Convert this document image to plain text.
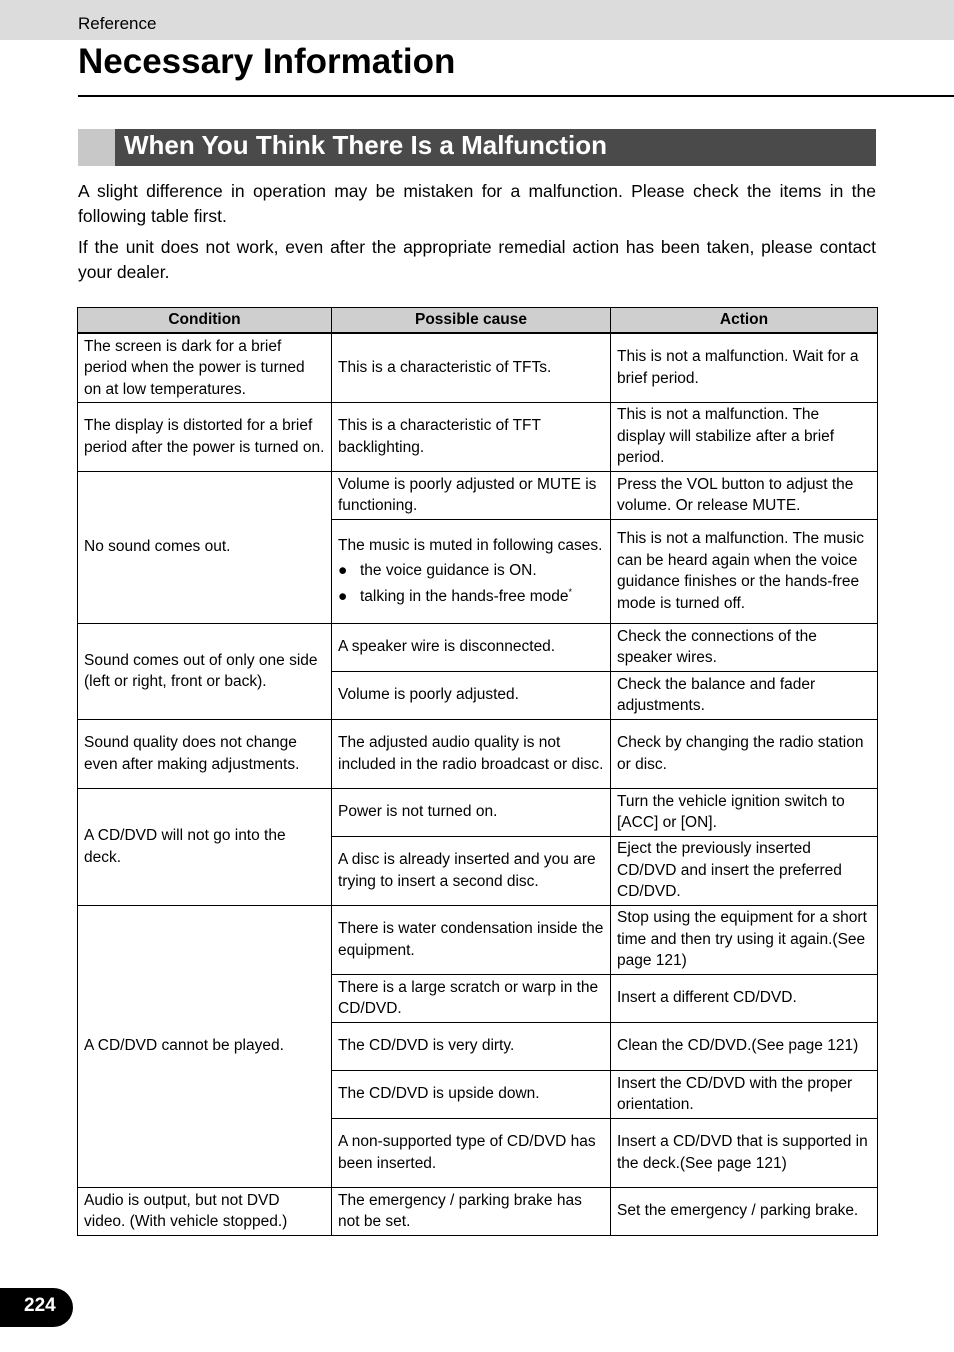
Reference
Necessary Information
When You Think There Is a Malfunction

A slight difference in operation may be mistaken for a malfunction. Please check the items in the following table first.

If the unit does not work, even after the appropriate remedial action has been taken, please contact your dealer.

Condition	Possible cause	Action
The screen is dark for a brief period when the power is turned on at low temperatures.	This is a characteristic of TFTs.	This is not a malfunction. Wait for a brief period.
The display is distorted for a brief period after the power is turned on.	This is a characteristic of TFT backlighting.	This is not a malfunction. The display will stabilize after a brief period.
No sound comes out.	Volume is poorly adjusted or MUTE is functioning.	Press the VOL button to adjust the volume. Or release MUTE.
	The music is muted in following cases.
● the voice guidance is ON.
● talking in the hands-free mode*	This is not a malfunction. The music can be heard again when the voice guidance finishes or the hands-free mode is turned off.
Sound comes out of only one side (left or right, front or back).	A speaker wire is disconnected.	Check the connections of the speaker wires.
	Volume is poorly adjusted.	Check the balance and fader adjustments.
Sound quality does not change even after making adjustments.	The adjusted audio quality is not included in the radio broadcast or disc.	Check by changing the radio station or disc.
A CD/DVD will not go into the deck.	Power is not turned on.	Turn the vehicle ignition switch to [ACC] or [ON].
	A disc is already inserted and you are trying to insert a second disc.	Eject the previously inserted CD/DVD and insert the preferred CD/DVD.
A CD/DVD cannot be played.	There is water condensation inside the equipment.	Stop using the equipment for a short time and then try using it again.(See page 121)
	There is a large scratch or warp in the CD/DVD.	Insert a different CD/DVD.
	The CD/DVD is very dirty.	Clean the CD/DVD.(See page 121)
	The CD/DVD is upside down.	Insert the CD/DVD with the proper orientation.
	A non-supported type of CD/DVD has been inserted.	Insert a CD/DVD that is supported in the deck.(See page 121)
Audio is output, but not DVD video. (With vehicle stopped.)	The emergency / parking brake has not be set.	Set the emergency / parking brake.
224
